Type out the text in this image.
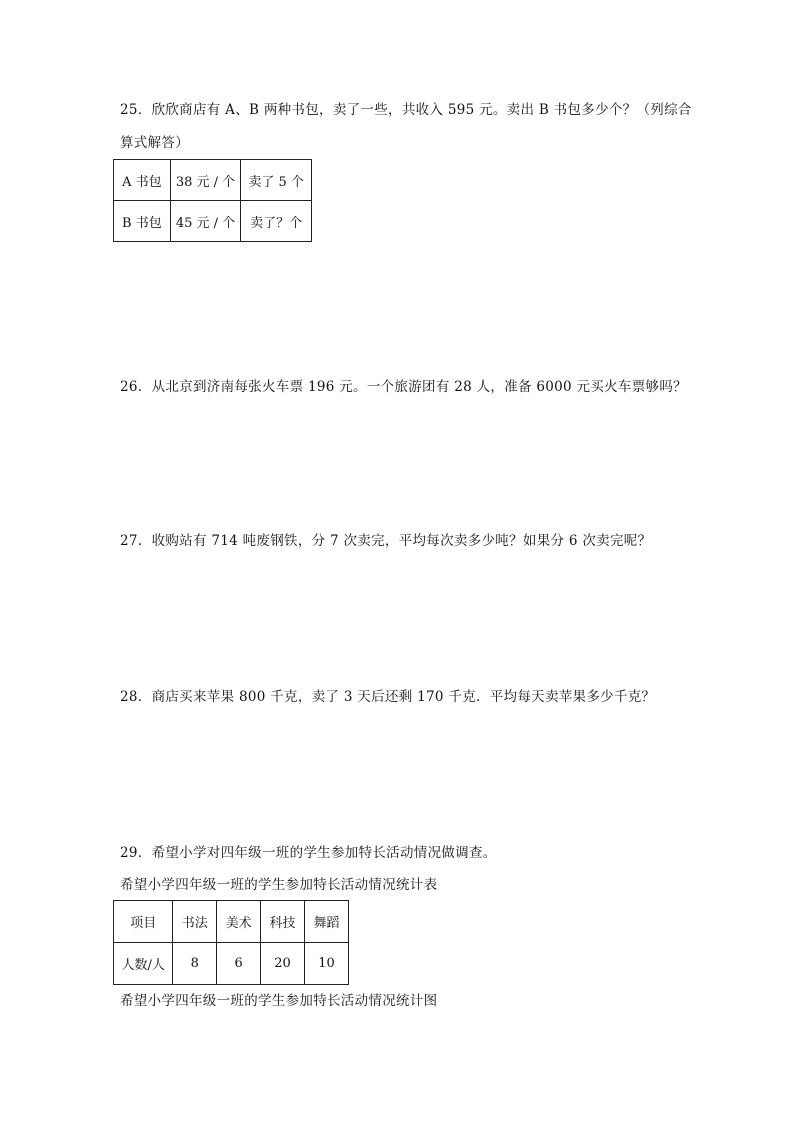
25．欣欣商店有 A、B 两种书包，卖了一些，共收入 595 元。卖出 B 书包多少个？（列综合
算式解答）
A 书包	38 元 / 个	卖了 5 个
B 书包	45 元 / 个	卖了？个
26．从北京到济南每张火车票 196 元。一个旅游团有 28 人，准备 6000 元买火车票够吗？
27．收购站有 714 吨废钢铁，分 7 次卖完，平均每次卖多少吨？如果分 6 次卖完呢？
28．商店买来苹果 800 千克，卖了 3 天后还剩 170 千克．平均每天卖苹果多少千克？
29．希望小学对四年级一班的学生参加特长活动情况做调查。
希望小学四年级一班的学生参加特长活动情况统计表
项目	书法	美术	科技	舞蹈
人数/人	8	6	20	10
希望小学四年级一班的学生参加特长活动情况统计图
